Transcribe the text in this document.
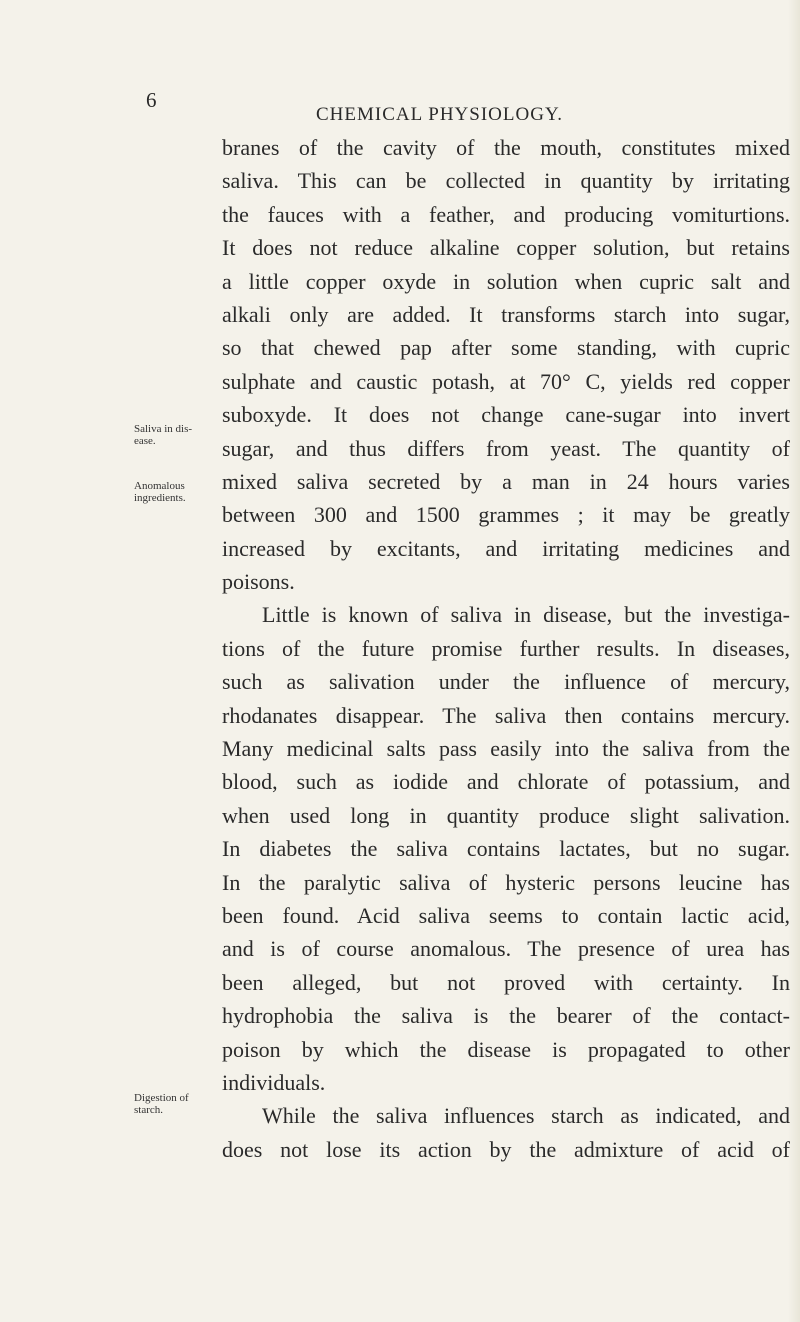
6
CHEMICAL PHYSIOLOGY.
Saliva in dis-
ease.
Anomalous
ingredients.
Digestion of
starch.
branes of the cavity of the mouth, constitutes mixed
saliva. This can be collected in quantity by irritating
the fauces with a feather, and producing vomiturtions.
It does not reduce alkaline copper solution, but retains
a little copper oxyde in solution when cupric salt and
alkali only are added. It transforms starch into sugar,
so that chewed pap after some standing, with cupric
sulphate and caustic potash, at 70° C, yields red copper
suboxyde. It does not change cane-sugar into invert
sugar, and thus differs from yeast. The quantity of
mixed saliva secreted by a man in 24 hours varies
between 300 and 1500 grammes ; it may be greatly
increased by excitants, and irritating medicines and
poisons.
Little is known of saliva in disease, but the investiga-
tions of the future promise further results. In diseases,
such as salivation under the influence of mercury,
rhodanates disappear. The saliva then contains mercury.
Many medicinal salts pass easily into the saliva from the
blood, such as iodide and chlorate of potassium, and
when used long in quantity produce slight salivation.
In diabetes the saliva contains lactates, but no sugar.
In the paralytic saliva of hysteric persons leucine has
been found. Acid saliva seems to contain lactic acid,
and is of course anomalous. The presence of urea has
been alleged, but not proved with certainty. In
hydrophobia the saliva is the bearer of the contact-
poison by which the disease is propagated to other
individuals.
While the saliva influences starch as indicated, and
does not lose its action by the admixture of acid of
